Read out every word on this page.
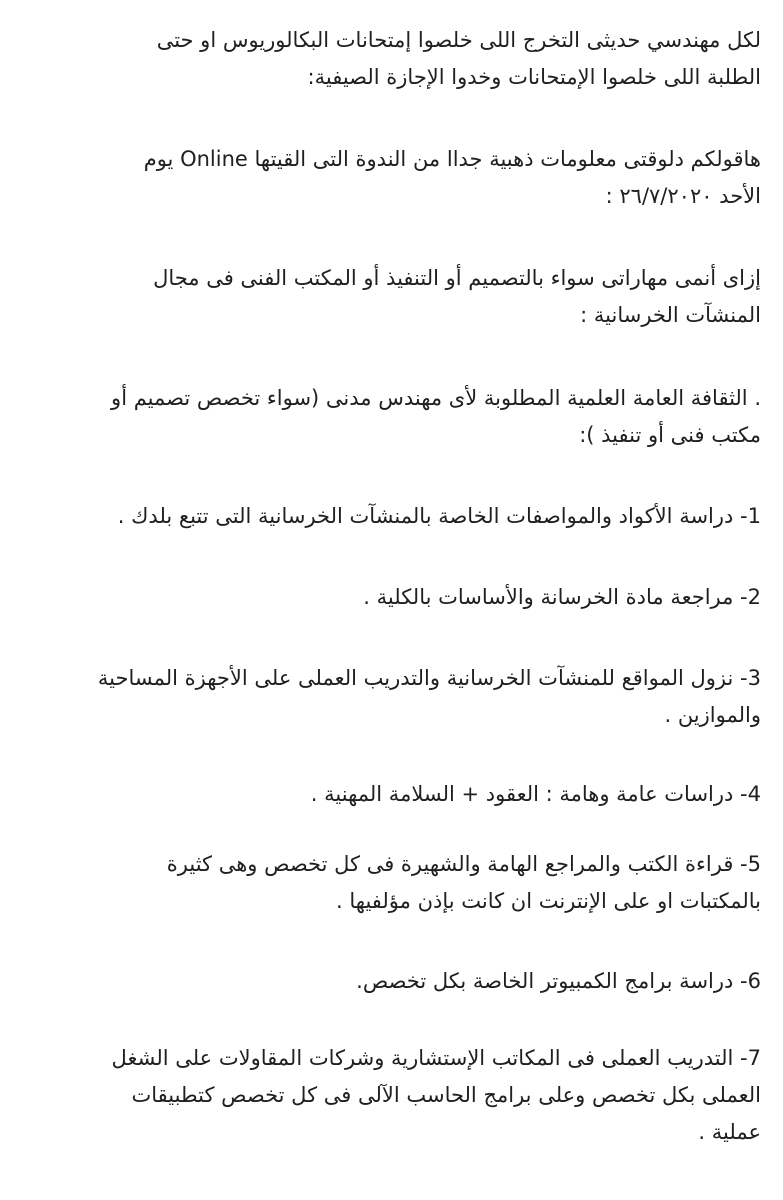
لكل مهندسي حديثى التخرج اللى خلصوا إمتحانات البكالوريوس او حتى
الطلبة اللى خلصوا الإمتحانات وخدوا الإجازة الصيفية:
هاقولكم دلوقتى معلومات ذهبية جداا من الندوة التى القيتها Online يوم
الأحد ٢٦/٧/٢٠٢٠ :
إزاى أنمى مهاراتى سواء بالتصميم أو التنفيذ أو المكتب الفنى فى مجال
المنشآت الخرسانية :
. الثقافة العامة العلمية المطلوبة لأى مهندس مدنى (سواء تخصص تصميم أو
مكتب فنى أو تنفيذ ):
1- دراسة الأكواد والمواصفات الخاصة بالمنشآت الخرسانية التى تتبع بلدك .
2- مراجعة مادة الخرسانة والأساسات بالكلية .
3- نزول المواقع للمنشآت الخرسانية والتدريب العملى على الأجهزة المساحية
والموازين .
4- دراسات عامة وهامة : العقود + السلامة المهنية .
5- قراءة الكتب والمراجع الهامة والشهيرة فى كل تخصص وهى كثيرة
بالمكتبات او على الإنترنت ان كانت بإذن مؤلفيها .
6- دراسة برامج الكمبيوتر الخاصة بكل تخصص.
7- التدريب العملى فى المكاتب الإستشارية وشركات المقاولات على الشغل
العملى بكل تخصص وعلى برامج الحاسب الآلى فى كل تخصص كتطبيقات
عملية .
